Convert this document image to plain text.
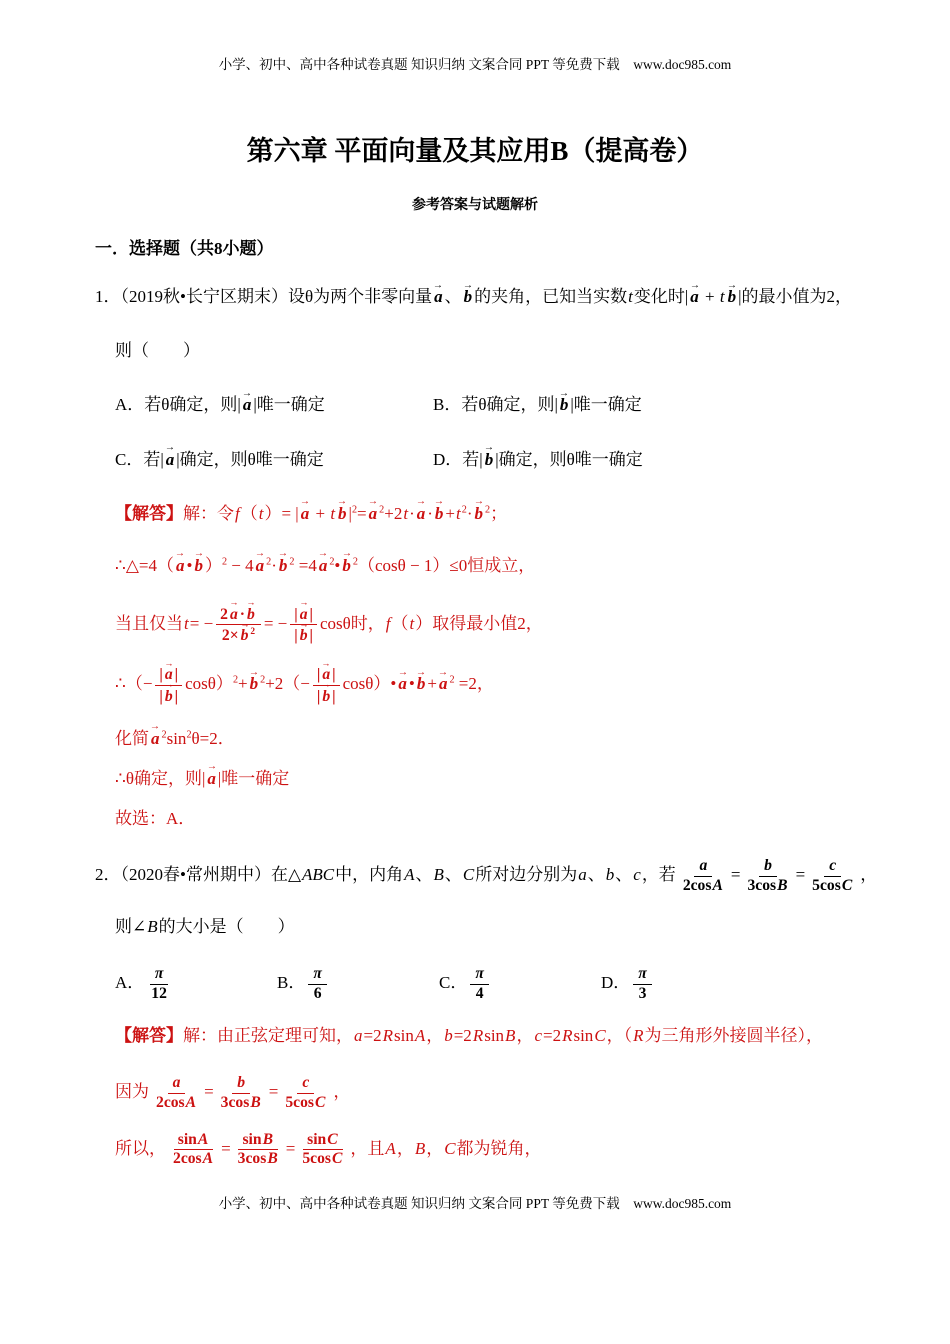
小学、初中、高中各种试卷真题 知识归纳 文案合同 PPT 等免费下载　www.doc985.com
第六章 平面向量及其应用B（提高卷）
参考答案与试题解析
一．选择题（共8小题）
1．（2019秋•长宁区期末）设θ为两个非零向量 a → 、 b → 的夹角，已知当实数t变化时| a → + t b → |的最小值为2，
则（　　）
A．若θ确定，则| a → |唯一确定	B．若θ确定，则| b → |唯一确定
C．若| a → |确定，则θ唯一确定	D．若| b → |确定，则θ唯一确定
【解答】解：令f（t）= | a → + t $b \to |^2= a \to ^2+2t\cdot a$ → · $b \to +t^2\cdot b \to ^2$；
∴△=4（ a → • b → ）$^2$ − 4 a → $^2$· b → $^2$ =4 a → $^2$• b → $^2$（cosθ − 1）≤0恒成立，
当且仅当$t= - \frac{2 a \to \cdot b \to}{2\times b \to ^2}$ = − $\frac{| a \to |}{| b \to |}$ cosθ时，f（t）取得最小值2，
∴（− $\frac{| a \to |}{| b \to |} \cos\theta)^2+ b \to ^2+2(- \frac{| a \to |}{| b \to |}$ cosθ）• a → • b → + a → $^2$ =2，
化简 $a \to ^2\sin^2\theta=2$．
∴θ确定，则| a → |唯一确定
故选：A．
2．（2020春•常州期中）在△ABC中，内角A、B、C所对边分别为a、b、c，若 $\frac{a}{2\cos A} = \frac{b}{3\cos B} = \frac{c}{5\cos C}$ ，
则∠B的大小是（　　）
A． $\frac{\pi}{12}$	B． $\frac{\pi}{6}$	C． $\frac{\pi}{4}$	D． $\frac{\pi}{3}$
【解答】解：由正弦定理可知，a=2RsinA，b=2RsinB，c=2RsinC，（R为三角形外接圆半径），
因为 $\frac{a}{2\cos A} = \frac{b}{3\cos B} = \frac{c}{5\cos C}$ ，
所以， $\frac{\sin A}{2\cos A} = \frac{\sin B}{3\cos B} = \frac{\sin C}{5\cos C}$ ，且A，B，C都为锐角，
小学、初中、高中各种试卷真题 知识归纳 文案合同 PPT 等免费下载　www.doc985.com
